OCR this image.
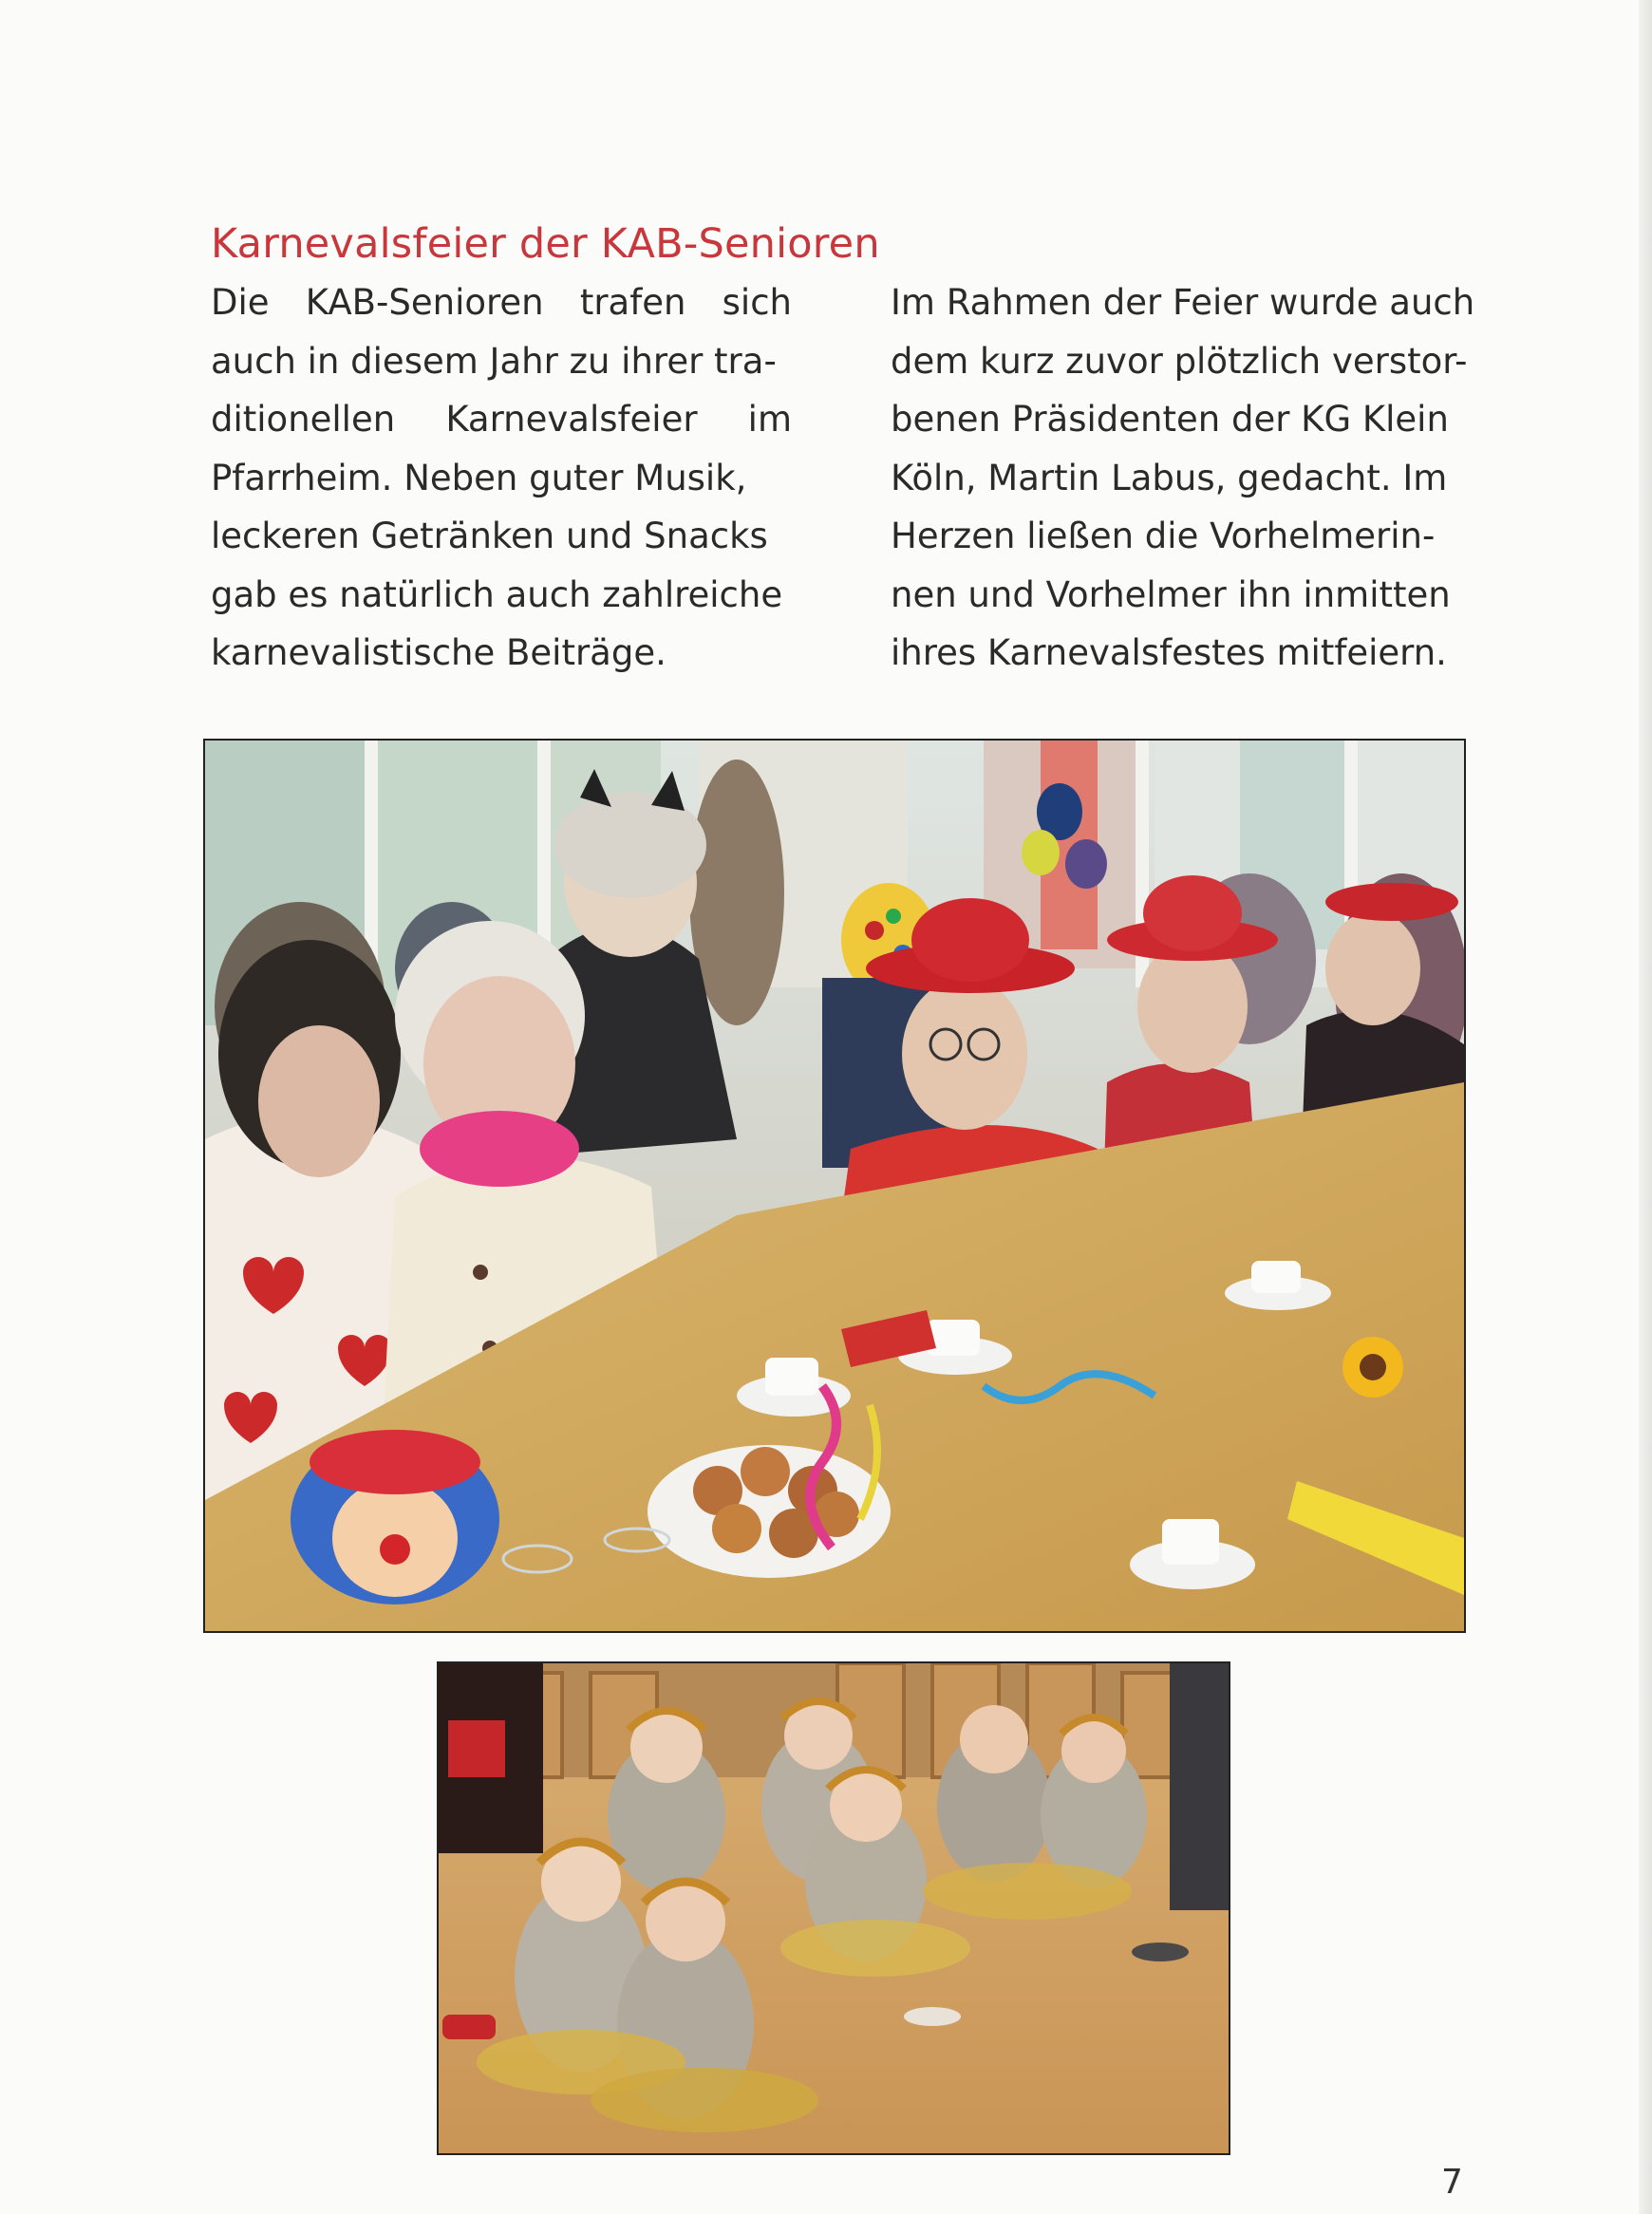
Karnevalsfeier der KAB-Senioren
Die KAB-Senioren trafen sich
auch in diesem Jahr zu ihrer tra-
ditionellen Karnevalsfeier im
Pfarrheim. Neben guter Musik,
leckeren Getränken und Snacks
gab es natürlich auch zahlreiche
karnevalistische Beiträge.
Im Rahmen der Feier wurde auch
dem kurz zuvor plötzlich verstor-
benen Präsidenten der KG Klein
Köln, Martin Labus, gedacht. Im
Herzen ließen die Vorhelmerin-
nen und Vorhelmer ihn inmitten
ihres Karnevalsfestes mitfeiern.
7
